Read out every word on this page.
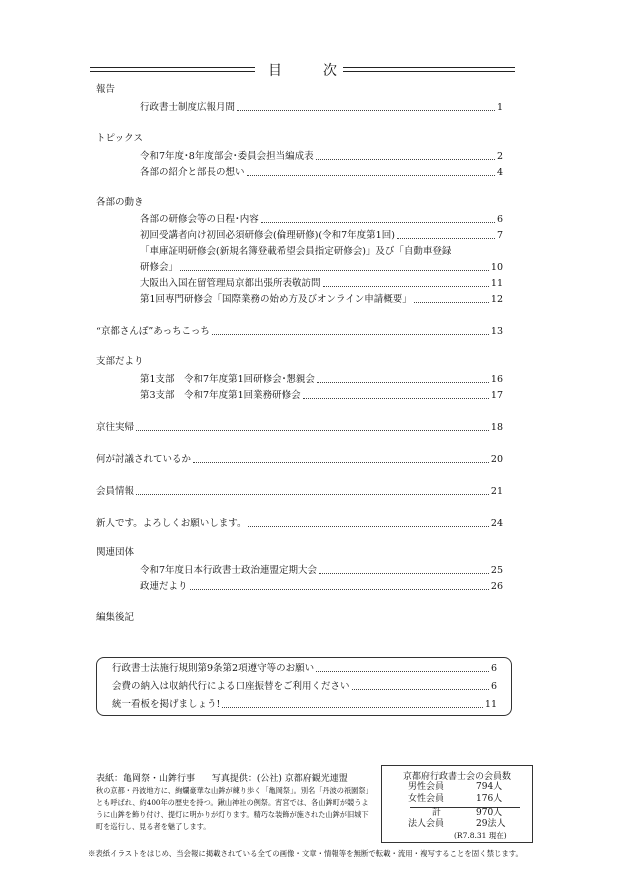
目	次
報告
行政書士制度広報月間	1
トピックス
令和7年度･8年度部会･委員会担当編成表	2
各部の紹介と部長の想い	4
各部の動き
各部の研修会等の日程･内容	6
初回受講者向け初回必須研修会(倫理研修)(令和7年度第1回)	7
「車庫証明研修会(新規名簿登載希望会員指定研修会)」及び「自動車登録
研修会」	10
大阪出入国在留管理局京都出張所表敬訪問	11
第1回専門研修会「国際業務の始め方及びオンライン申請概要」	12
“京都さんぽ”あっちこっち	13
支部だより
第1支部　令和7年度第1回研修会･懇親会	16
第3支部　令和7年度第1回業務研修会	17
京往実帰	18
何が討議されているか	20
会員情報	21
新人です。よろしくお願いします。	24
関連団体
令和7年度日本行政書士政治連盟定期大会	25
政連だより	26
編集後記
行政書士法施行規則第9条第2項遵守等のお願い	6
会費の納入は収納代行による口座振替をご利用ください	6
統一看板を掲げましょう!	11
表紙：亀岡祭・山鉾行事 写真提供：(公社) 京都府観光連盟
秋の京都・丹波地方に、絢爛豪華な山鉾が練り歩く「亀岡祭」。別名「丹波の祇園祭」とも呼ばれ、約400年の歴史を持つ。鍬山神社の例祭。宵宮では、各山鉾町が競うように山鉾を飾り付け、提灯に明かりが灯ります。精巧な装飾が施された山鉾が旧城下町を巡行し、見る者を魅了します。
京都府行政書士会の会員数
男性会員	794人
女性会員	176人
計	970人
法人会員	29法人
(R7.8.31 現在)
※表紙イラストをはじめ、当会報に掲載されている全ての画像・文章・情報等を無断で転載・流用・複写することを固く禁じます。
